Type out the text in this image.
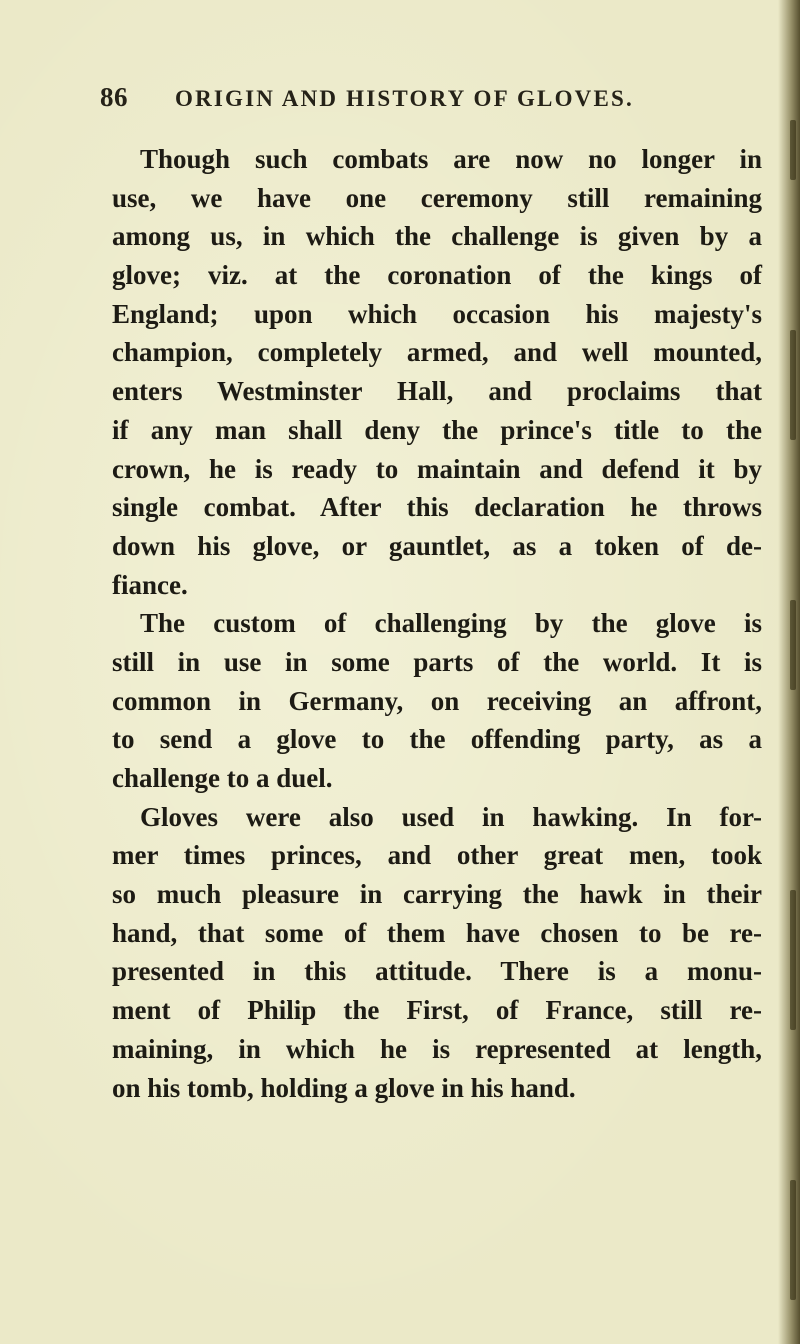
86 ORIGIN AND HISTORY OF GLOVES.
Though such combats are now no longer in
use, we have one ceremony still remaining
among us, in which the challenge is given by a
glove; viz. at the coronation of the kings of
England; upon which occasion his majesty's
champion, completely armed, and well mounted,
enters Westminster Hall, and proclaims that
if any man shall deny the prince's title to the
crown, he is ready to maintain and defend it by
single combat. After this declaration he throws
down his glove, or gauntlet, as a token of de-
fiance.
The custom of challenging by the glove is
still in use in some parts of the world. It is
common in Germany, on receiving an affront,
to send a glove to the offending party, as a
challenge to a duel.
Gloves were also used in hawking. In for-
mer times princes, and other great men, took
so much pleasure in carrying the hawk in their
hand, that some of them have chosen to be re-
presented in this attitude. There is a monu-
ment of Philip the First, of France, still re-
maining, in which he is represented at length,
on his tomb, holding a glove in his hand.
